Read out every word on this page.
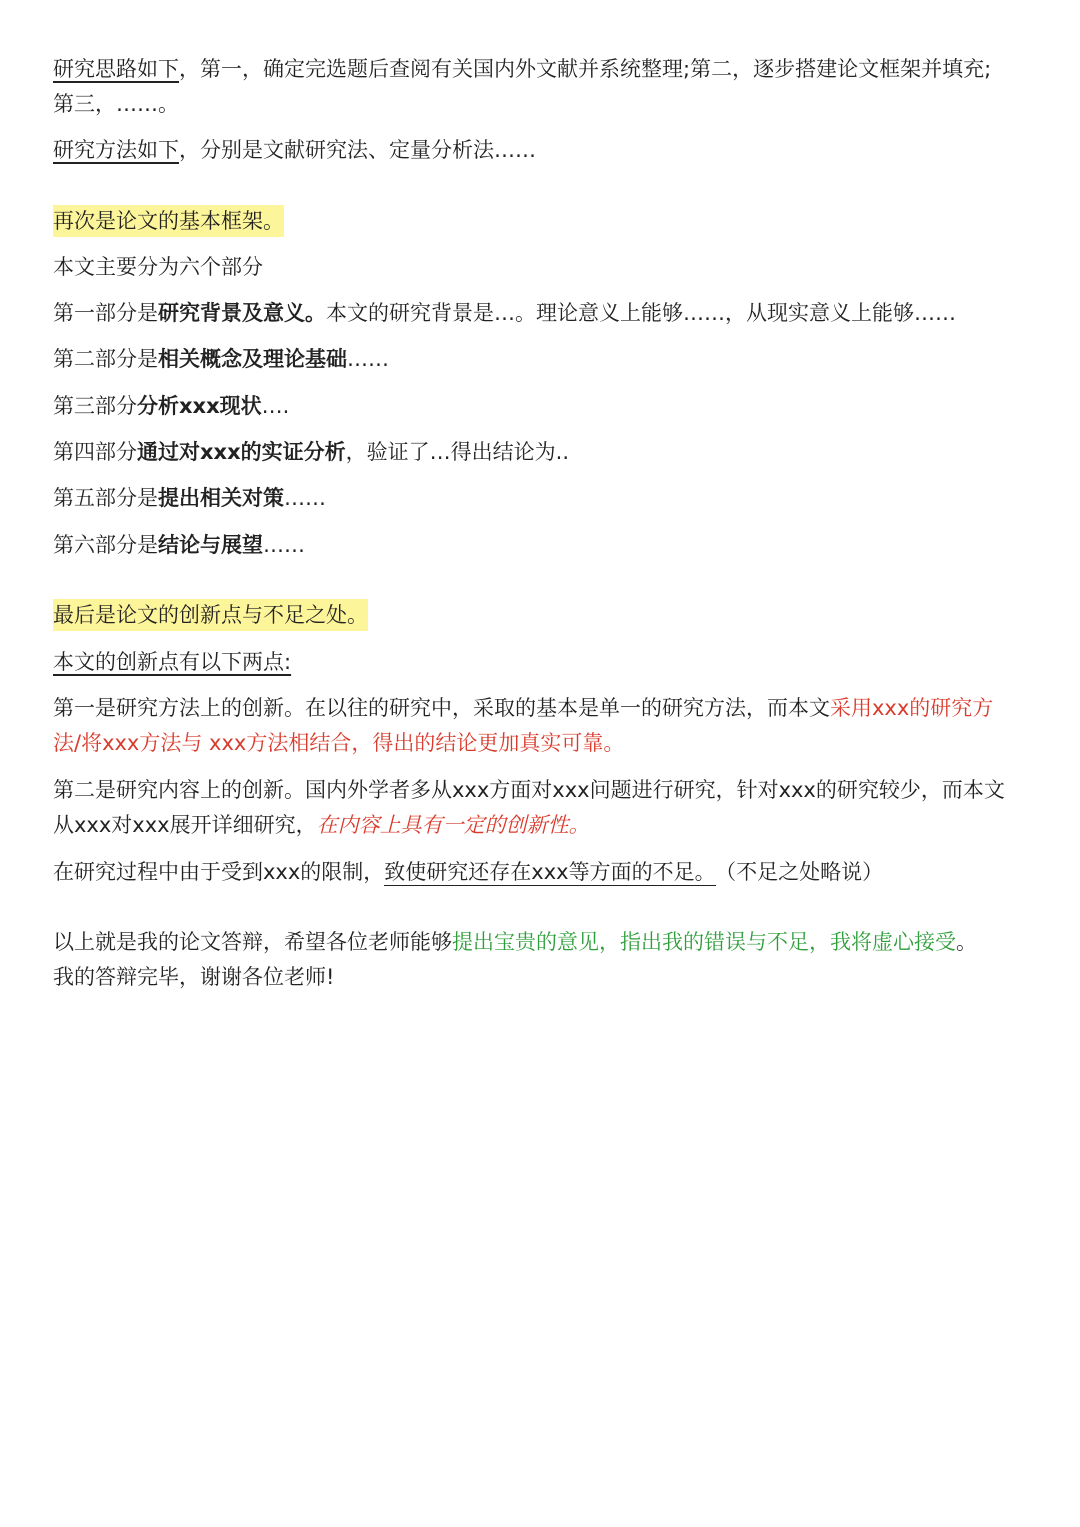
研究思路如下，第一，确定完选题后查阅有关国内外文献并系统整理;第二，逐步搭建论文框架并填充;
第三，……。
研究方法如下，分别是文献研究法、定量分析法……
再次是论文的基本框架。
本文主要分为六个部分
第一部分是研究背景及意义。本文的研究背景是…。理论意义上能够……，从现实意义上能够……
第二部分是相关概念及理论基础……
第三部分分析xxx现状….
第四部分通过对xxx的实证分析，验证了…得出结论为..
第五部分是提出相关对策……
第六部分是结论与展望……
最后是论文的创新点与不足之处。
本文的创新点有以下两点:
第一是研究方法上的创新。在以往的研究中，采取的基本是单一的研究方法，而本文采用xxx的研究方
法/将xxx方法与 xxx方法相结合，得出的结论更加真实可靠。
第二是研究内容上的创新。国内外学者多从xxx方面对xxx问题进行研究，针对xxx的研究较少，而本文
从xxx对xxx展开详细研究，在内容上具有一定的创新性。
在研究过程中由于受到xxx的限制，致使研究还存在xxx等方面的不足。 （不足之处略说）
以上就是我的论文答辩，希望各位老师能够提出宝贵的意见，指出我的错误与不足，我将虚心接受。
我的答辩完毕，谢谢各位老师!
